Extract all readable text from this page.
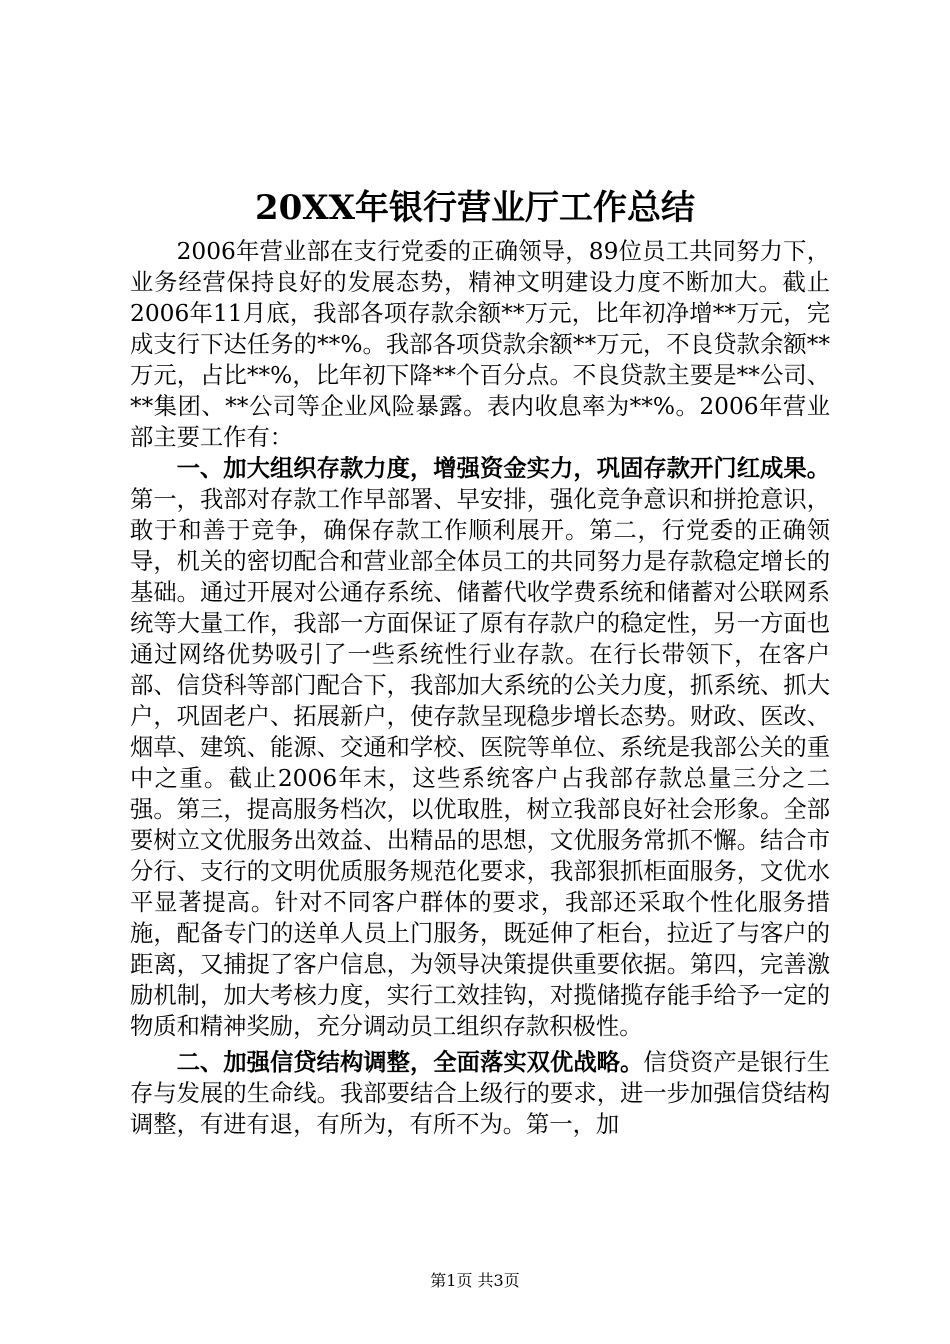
20XX年银行营业厅工作总结

2006年营业部在支行党委的正确领导，89位员工共同努力下，业务经营保持良好的发展态势，精神文明建设力度不断加大。截止2006年11月底，我部各项存款余额**万元，比年初净增**万元，完成支行下达任务的**%。我部各项贷款余额**万元，不良贷款余额**万元，占比**%，比年初下降**个百分点。不良贷款主要是**公司、**集团、**公司等企业风险暴露。表内收息率为**%。2006年营业部主要工作有：

一、加大组织存款力度，增强资金实力，巩固存款开门红成果。第一，我部对存款工作早部署、早安排，强化竞争意识和拼抢意识，敢于和善于竞争，确保存款工作顺利展开。第二，行党委的正确领导，机关的密切配合和营业部全体员工的共同努力是存款稳定增长的基础。通过开展对公通存系统、储蓄代收学费系统和储蓄对公联网系统等大量工作，我部一方面保证了原有存款户的稳定性，另一方面也通过网络优势吸引了一些系统性行业存款。在行长带领下，在客户部、信贷科等部门配合下，我部加大系统的公关力度，抓系统、抓大户，巩固老户、拓展新户，使存款呈现稳步增长态势。财政、医改、烟草、建筑、能源、交通和学校、医院等单位、系统是我部公关的重中之重。截止2006年末，这些系统客户占我部存款总量三分之二强。第三，提高服务档次，以优取胜，树立我部良好社会形象。全部要树立文优服务出效益、出精品的思想，文优服务常抓不懈。结合市分行、支行的文明优质服务规范化要求，我部狠抓柜面服务，文优水平显著提高。针对不同客户群体的要求，我部还采取个性化服务措施，配备专门的送单人员上门服务，既延伸了柜台，拉近了与客户的距离，又捕捉了客户信息，为领导决策提供重要依据。第四，完善激励机制，加大考核力度，实行工效挂钩，对揽储揽存能手给予一定的物质和精神奖励，充分调动员工组织存款积极性。

二、加强信贷结构调整，全面落实双优战略。信贷资产是银行生存与发展的生命线。我部要结合上级行的要求，进一步加强信贷结构调整，有进有退，有所为，有所不为。第一，加

第1页 共3页
